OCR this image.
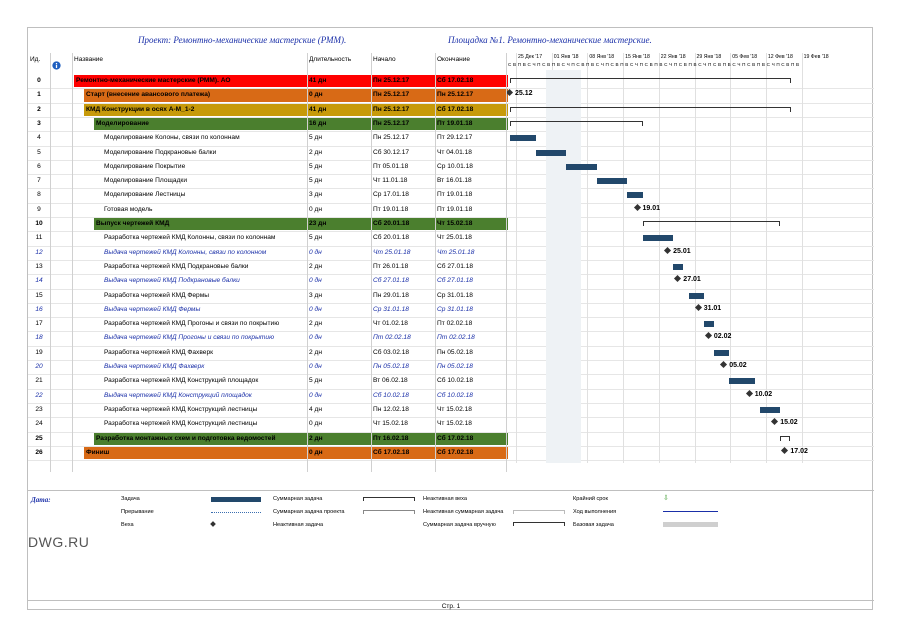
Проект: Ремонтно-механические мастерские (РММ).	Площадка №1. Ремонтно-механические мастерские.
Ид.	Название	Длительность	Начало	Окончание
0	Ремонтно-механические мастерские (РММ). АО	41 дн	Пн 25.12.17	Сб 17.02.18
1	Старт (внесение авансового платежа)	0 дн	Пн 25.12.17	Пн 25.12.17
2	КМД Конструкции в осях А-М_1-2	41 дн	Пн 25.12.17	Сб 17.02.18
3	Моделирование	16 дн	Пн 25.12.17	Пт 19.01.18
4	Моделирование Колоны, связи по колоннам	5 дн	Пн 25.12.17	Пт 29.12.17
5	Моделирование Подкрановые балки	2 дн	Сб 30.12.17	Чт 04.01.18
6	Моделирование Покрытие	5 дн	Пт 05.01.18	Ср 10.01.18
7	Моделирование Площадки	5 дн	Чт 11.01.18	Вт 16.01.18
8	Моделирование Лестницы	3 дн	Ср 17.01.18	Пт 19.01.18
9	Готовая модель	0 дн	Пт 19.01.18	Пт 19.01.18
10	Выпуск чертежей КМД	23 дн	Сб 20.01.18	Чт 15.02.18
11	Разработка чертежей КМД Колонны, связи по колоннам	5 дн	Сб 20.01.18	Чт 25.01.18
12	Выдача чертежей КМД Колонны, связи по колонном	0 дн	Чт 25.01.18	Чт 25.01.18
13	Разработка чертежей КМД Подкрановые балки	2 дн	Пт 26.01.18	Сб 27.01.18
14	Выдача чертежей КМД Подкрановые балки	0 дн	Сб 27.01.18	Сб 27.01.18
15	Разработка чертежей КМД Фермы	3 дн	Пн 29.01.18	Ср 31.01.18
16	Выдача чертежей КМД Фермы	0 дн	Ср 31.01.18	Ср 31.01.18
17	Разработка чертежей КМД Прогоны и связи по покрытию	2 дн	Чт 01.02.18	Пт 02.02.18
18	Выдача чертежей КМД Прогоны и связи по покрытию	0 дн	Пт 02.02.18	Пт 02.02.18
19	Разработка чертежей КМД Фахверк	2 дн	Сб 03.02.18	Пн 05.02.18
20	Выдача чертежей КМД Фахверк	0 дн	Пн 05.02.18	Пн 05.02.18
21	Разработка чертежей КМД Конструкций площадок	5 дн	Вт 06.02.18	Сб 10.02.18
22	Выдача чертежей КМД Конструкций площадок	0 дн	Сб 10.02.18	Сб 10.02.18
23	Разработка чертежей КМД Конструкций лестницы	4 дн	Пн 12.02.18	Чт 15.02.18
24	Разработка чертежей КМД Конструкций лестницы	0 дн	Чт 15.02.18	Чт 15.02.18
25	Разработка монтажных схем и подготовка ведомостей	2 дн	Пт 16.02.18	Сб 17.02.18
26	Финиш	0 дн	Сб 17.02.18	Сб 17.02.18
25 Дек '17 01 Янв '18 08 Янв '18 15 Янв '18 22 Янв '18 29 Янв '18 05 Фев '18 12 Фев '18 19 Фев '18
С В П В С Ч П С В П В С Ч П С В П В С Ч П С В П В С Ч П С В П В С Ч П С В П В С Ч П С В П В С Ч П С В П В С Ч П С В П В
25.12
19.01
25.01
27.01
31.01
02.02
05.02
10.02
15.02
17.02
Дата:	Задача
Прерывание
Веха
Суммарная задача
Суммарная задача проекта
Неактивная задача
Неактивная веха
Неактивная суммарная задача
Суммарная задача вручную
Крайний срок	⇩
Ход выполнения
Базовая задача
Стр. 1
DWG.RU
